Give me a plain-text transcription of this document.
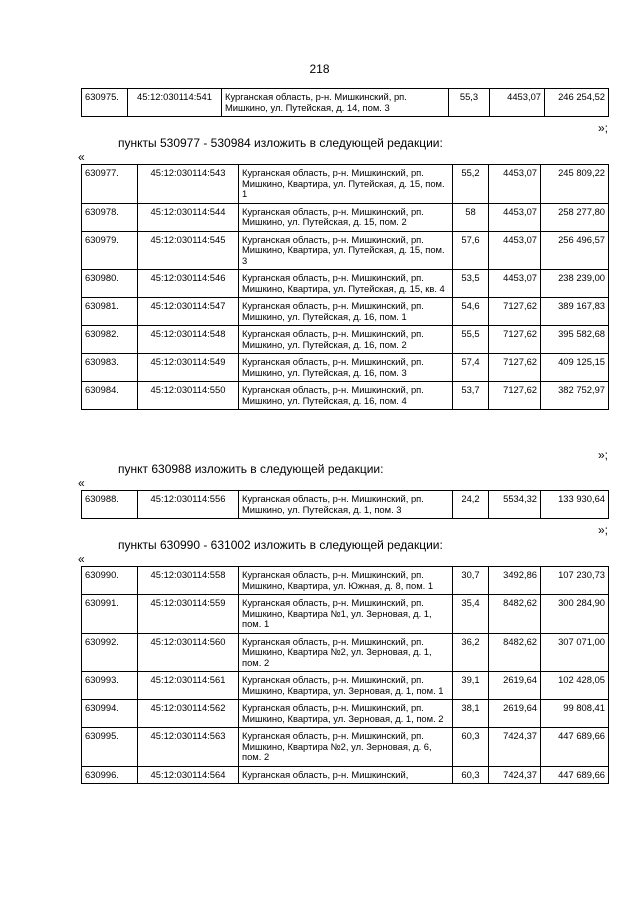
218
630975.	45:12:030114:541	Курганская область, р-н. Мишкинский, рп. Мишкино, ул. Путейская, д. 14, пом. 3	55,3	4453,07	246 254,52
»;
пункты 530977 - 530984 изложить в следующей редакции:
«
630977.	45:12:030114:543	Курганская область, р-н. Мишкинский, рп. Мишкино, Квартира, ул. Путейская, д. 15, пом. 1	55,2	4453,07	245 809,22
630978.	45:12:030114:544	Курганская область, р-н. Мишкинский, рп. Мишкино, ул. Путейская, д. 15, пом. 2	58	4453,07	258 277,80
630979.	45:12:030114:545	Курганская область, р-н. Мишкинский, рп. Мишкино, Квартира, ул. Путейская, д. 15, пом. 3	57,6	4453,07	256 496,57
630980.	45:12:030114:546	Курганская область, р-н. Мишкинский, рп. Мишкино, Квартира, ул. Путейская, д. 15, кв. 4	53,5	4453,07	238 239,00
630981.	45:12:030114:547	Курганская область, р-н. Мишкинский, рп. Мишкино, ул. Путейская, д. 16, пом. 1	54,6	7127,62	389 167,83
630982.	45:12:030114:548	Курганская область, р-н. Мишкинский, рп. Мишкино, ул. Путейская, д. 16, пом. 2	55,5	7127,62	395 582,68
630983.	45:12:030114:549	Курганская область, р-н. Мишкинский, рп. Мишкино, ул. Путейская, д. 16, пом. 3	57,4	7127,62	409 125,15
630984.	45:12:030114:550	Курганская область, р-н. Мишкинский, рп. Мишкино, ул. Путейская, д. 16, пом. 4	53,7	7127,62	382 752,97
»;
пункт 630988 изложить в следующей редакции:
«
630988.	45:12:030114:556	Курганская область, р-н. Мишкинский, рп. Мишкино, ул. Путейская, д. 1, пом. 3	24,2	5534,32	133 930,64
»;
пункты 630990 - 631002 изложить в следующей редакции:
«
630990.	45:12:030114:558	Курганская область, р-н. Мишкинский, рп. Мишкино, Квартира, ул. Южная, д. 8, пом. 1	30,7	3492,86	107 230,73
630991.	45:12:030114:559	Курганская область, р-н. Мишкинский, рп. Мишкино, Квартира №1, ул. Зерновая, д. 1, пом. 1	35,4	8482,62	300 284,90
630992.	45:12:030114:560	Курганская область, р-н. Мишкинский, рп. Мишкино, Квартира №2, ул. Зерновая, д. 1, пом. 2	36,2	8482,62	307 071,00
630993.	45:12:030114:561	Курганская область, р-н. Мишкинский, рп. Мишкино, Квартира, ул. Зерновая, д. 1, пом. 1	39,1	2619,64	102 428,05
630994.	45:12:030114:562	Курганская область, р-н. Мишкинский, рп. Мишкино, Квартира, ул. Зерновая, д. 1, пом. 2	38,1	2619,64	99 808,41
630995.	45:12:030114:563	Курганская область, р-н. Мишкинский, рп. Мишкино, Квартира №2, ул. Зерновая, д. 6, пом. 2	60,3	7424,37	447 689,66
630996.	45:12:030114:564	Курганская область, р-н. Мишкинский,	60,3	7424,37	447 689,66
